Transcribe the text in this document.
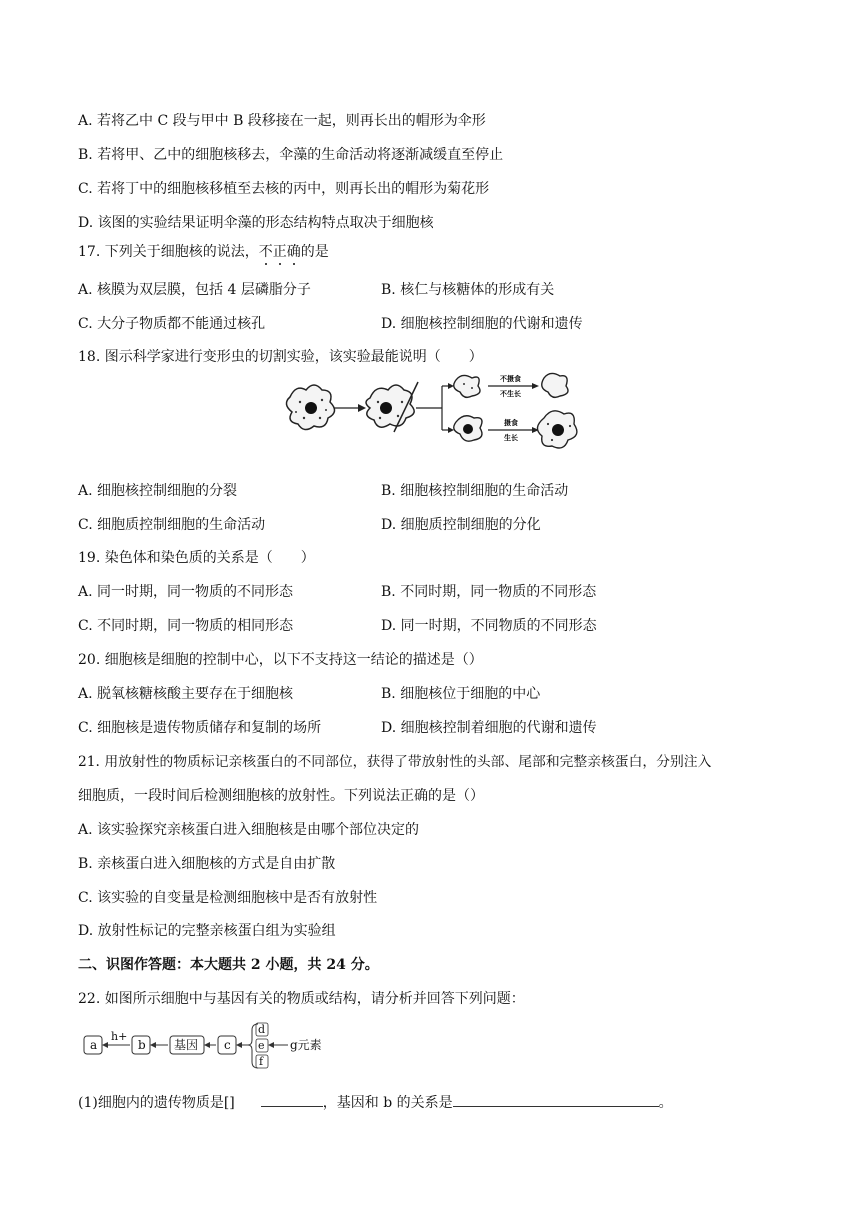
A. 若将乙中 C 段与甲中 B 段移接在一起，则再长出的帽形为伞形
B. 若将甲、乙中的细胞核移去，伞藻的生命活动将逐渐减缓直至停止
C. 若将丁中的细胞核移植至去核的丙中，则再长出的帽形为菊花形
D. 该图的实验结果证明伞藻的形态结构特点取决于细胞核
17. 下列关于细胞核的说法，不正确的是
A. 核膜为双层膜，包括 4 层磷脂分子	B. 核仁与核糖体的形成有关
C. 大分子物质都不能通过核孔	D. 细胞核控制细胞的代谢和遗传
18. 图示科学家进行变形虫的切割实验，该实验最能说明（　　）
不摄食
不生长
摄食
生长
A. 细胞核控制细胞的分裂	B. 细胞核控制细胞的生命活动
C. 细胞质控制细胞的生命活动	D. 细胞质控制细胞的分化
19. 染色体和染色质的关系是（　　）
A. 同一时期，同一物质的不同形态	B. 不同时期，同一物质的不同形态
C. 不同时期，同一物质的相同形态	D. 同一时期，不同物质的不同形态
20. 细胞核是细胞的控制中心，以下不支持这一结论的描述是（）
A. 脱氧核糖核酸主要存在于细胞核	B. 细胞核位于细胞的中心
C. 细胞核是遗传物质储存和复制的场所	D. 细胞核控制着细胞的代谢和遗传
21. 用放射性的物质标记亲核蛋白的不同部位，获得了带放射性的头部、尾部和完整亲核蛋白，分别注入
细胞质，一段时间后检测细胞核的放射性。下列说法正确的是（）
A. 该实验探究亲核蛋白进入细胞核是由哪个部位决定的
B. 亲核蛋白进入细胞核的方式是自由扩散
C. 该实验的自变量是检测细胞核中是否有放射性
D. 放射性标记的完整亲核蛋白组为实验组
二、识图作答题：本大题共 2 小题，共 24 分。
22. 如图所示细胞中与基因有关的物质或结构，请分析并回答下列问题：
a
h+
b 基因 c
d
e
f
g元素
(1)细胞内的遗传物质是[]	，基因和 b 的关系是	。
